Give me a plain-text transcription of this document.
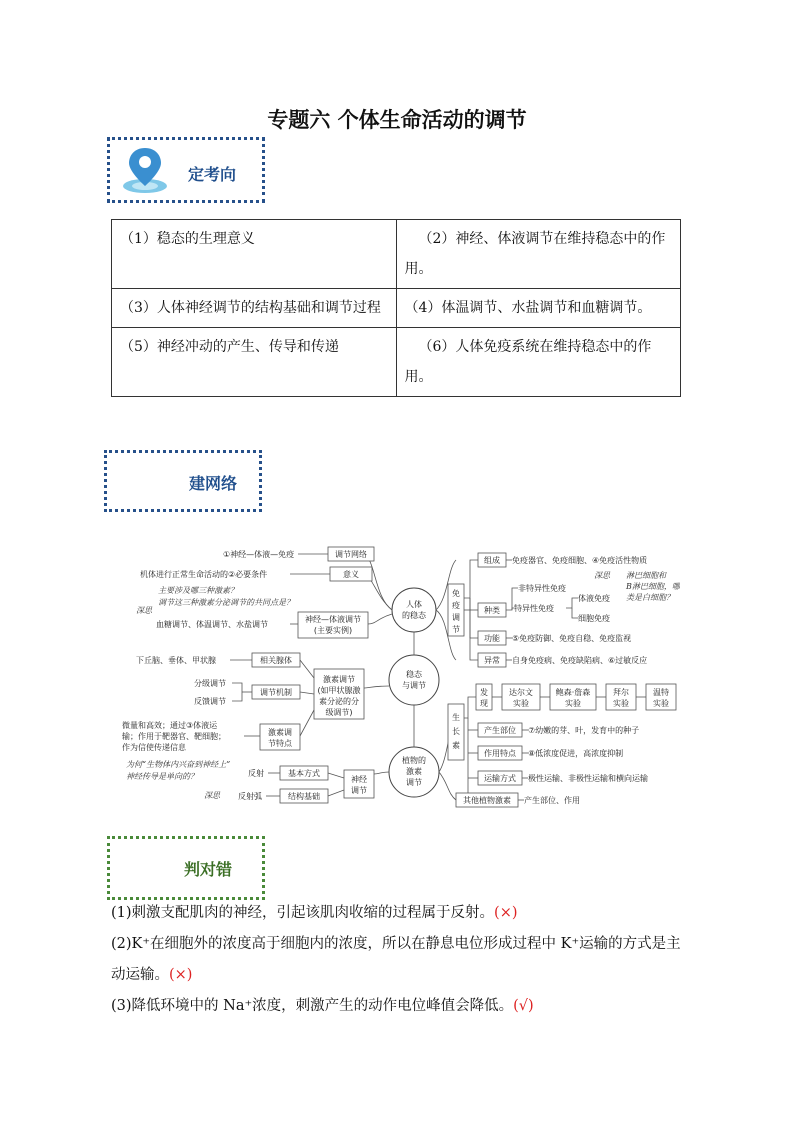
专题六 个体生命活动的调节
定考向
（1）稳态的生理意义	（2）神经、体液调节在维持稳态中的作用。
（3）人体神经调节的结构基础和调节过程	（4）体温调节、水盐调节和血糖调节。
（5）神经冲动的产生、传导和传递	（6）人体免疫系统在维持稳态中的作用。
建网络
稳态
与调节
人体
的稳态
植物的
激素
调节
①神经—体液—免疫	调节网络
机体进行正常生命活动的②必要条件	意义
主要涉及哪三种激素？
调节这三种激素分泌调节的共同点是？
深思
血糖调节、体温调节、水盐调节
神经—体液调节
(主要实例)
下丘脑、垂体、甲状腺	相关腺体
分级调节
反馈调节
调节机制
激素调节
(如甲状腺激
素分泌的分
级调节)
微量和高效；通过③体液运
输；作用于靶器官、靶细胞；
作为信使传递信息
激素调
节特点
为何“生物体内兴奋到神经上”
神经传导是单向的？
深思
反射	基本方式
反射弧	结构基础
神经
调节
免
疫
调
节
组成 免疫器官、免疫细胞、④免疫活性物质
种类
非特异性免疫
特异性免疫
体液免疫
细胞免疫
深思 淋巴细胞和
B淋巴细胞，哪
类是白细胞？
功能 ⑤免疫防御、免疫自稳、免疫监视
异常 自身免疫病、免疫缺陷病、⑥过敏反应
生
长
素
发
现
达尔文
实验
鲍森·詹森
实验
拜尔
实验
温特
实验
产生部位 ⑦幼嫩的芽、叶，发育中的种子
作用特点 ⑧低浓度促进，高浓度抑制
运输方式 极性运输、非极性运输和横向运输
其他植物激素 产生部位、作用
判对错
(1)刺激支配肌肉的神经，引起该肌肉收缩的过程属于反射。(×)
(2)K⁺在细胞外的浓度高于细胞内的浓度，所以在静息电位形成过程中 K⁺运输的方式是主动运输。(×)
(3)降低环境中的 Na⁺浓度，刺激产生的动作电位峰值会降低。(√)
